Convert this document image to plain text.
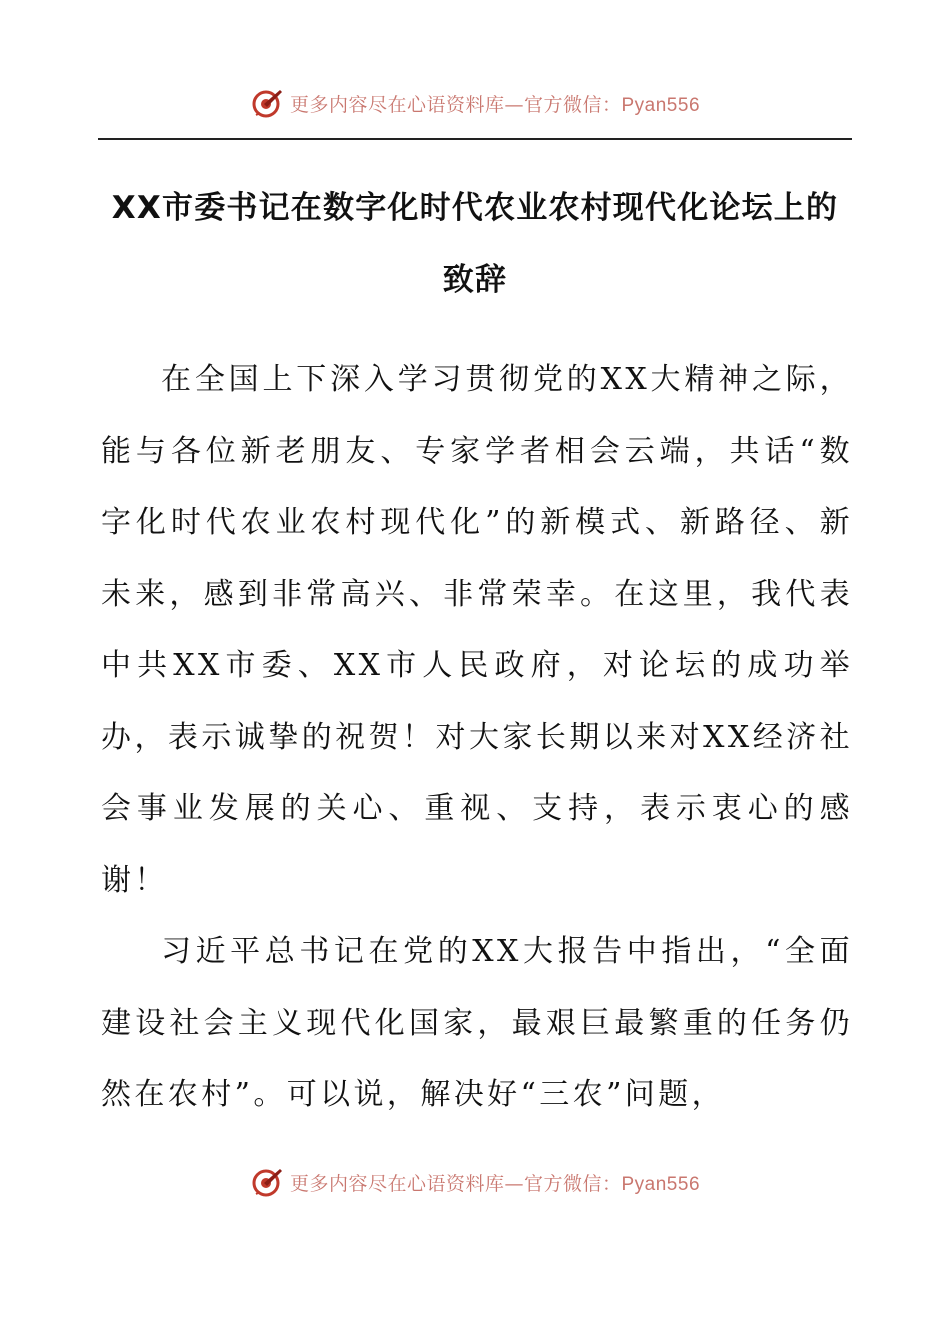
更多内容尽在心语资料库—官方微信：Pyan556
XX市委书记在数字化时代农业农村现代化论坛上的致辞

在全国上下深入学习贯彻党的XX大精神之际，能与各位新老朋友、专家学者相会云端，共话“数字化时代农业农村现代化”的新模式、新路径、新未来，感到非常高兴、非常荣幸。在这里，我代表中共XX市委、XX市人民政府，对论坛的成功举办，表示诚挚的祝贺！对大家长期以来对XX经济社会事业发展的关心、重视、支持，表示衷心的感谢！

习近平总书记在党的XX大报告中指出，“全面建设社会主义现代化国家，最艰巨最繁重的任务仍然在农村”。可以说，解决好“三农”问题，

更多内容尽在心语资料库—官方微信：Pyan556
